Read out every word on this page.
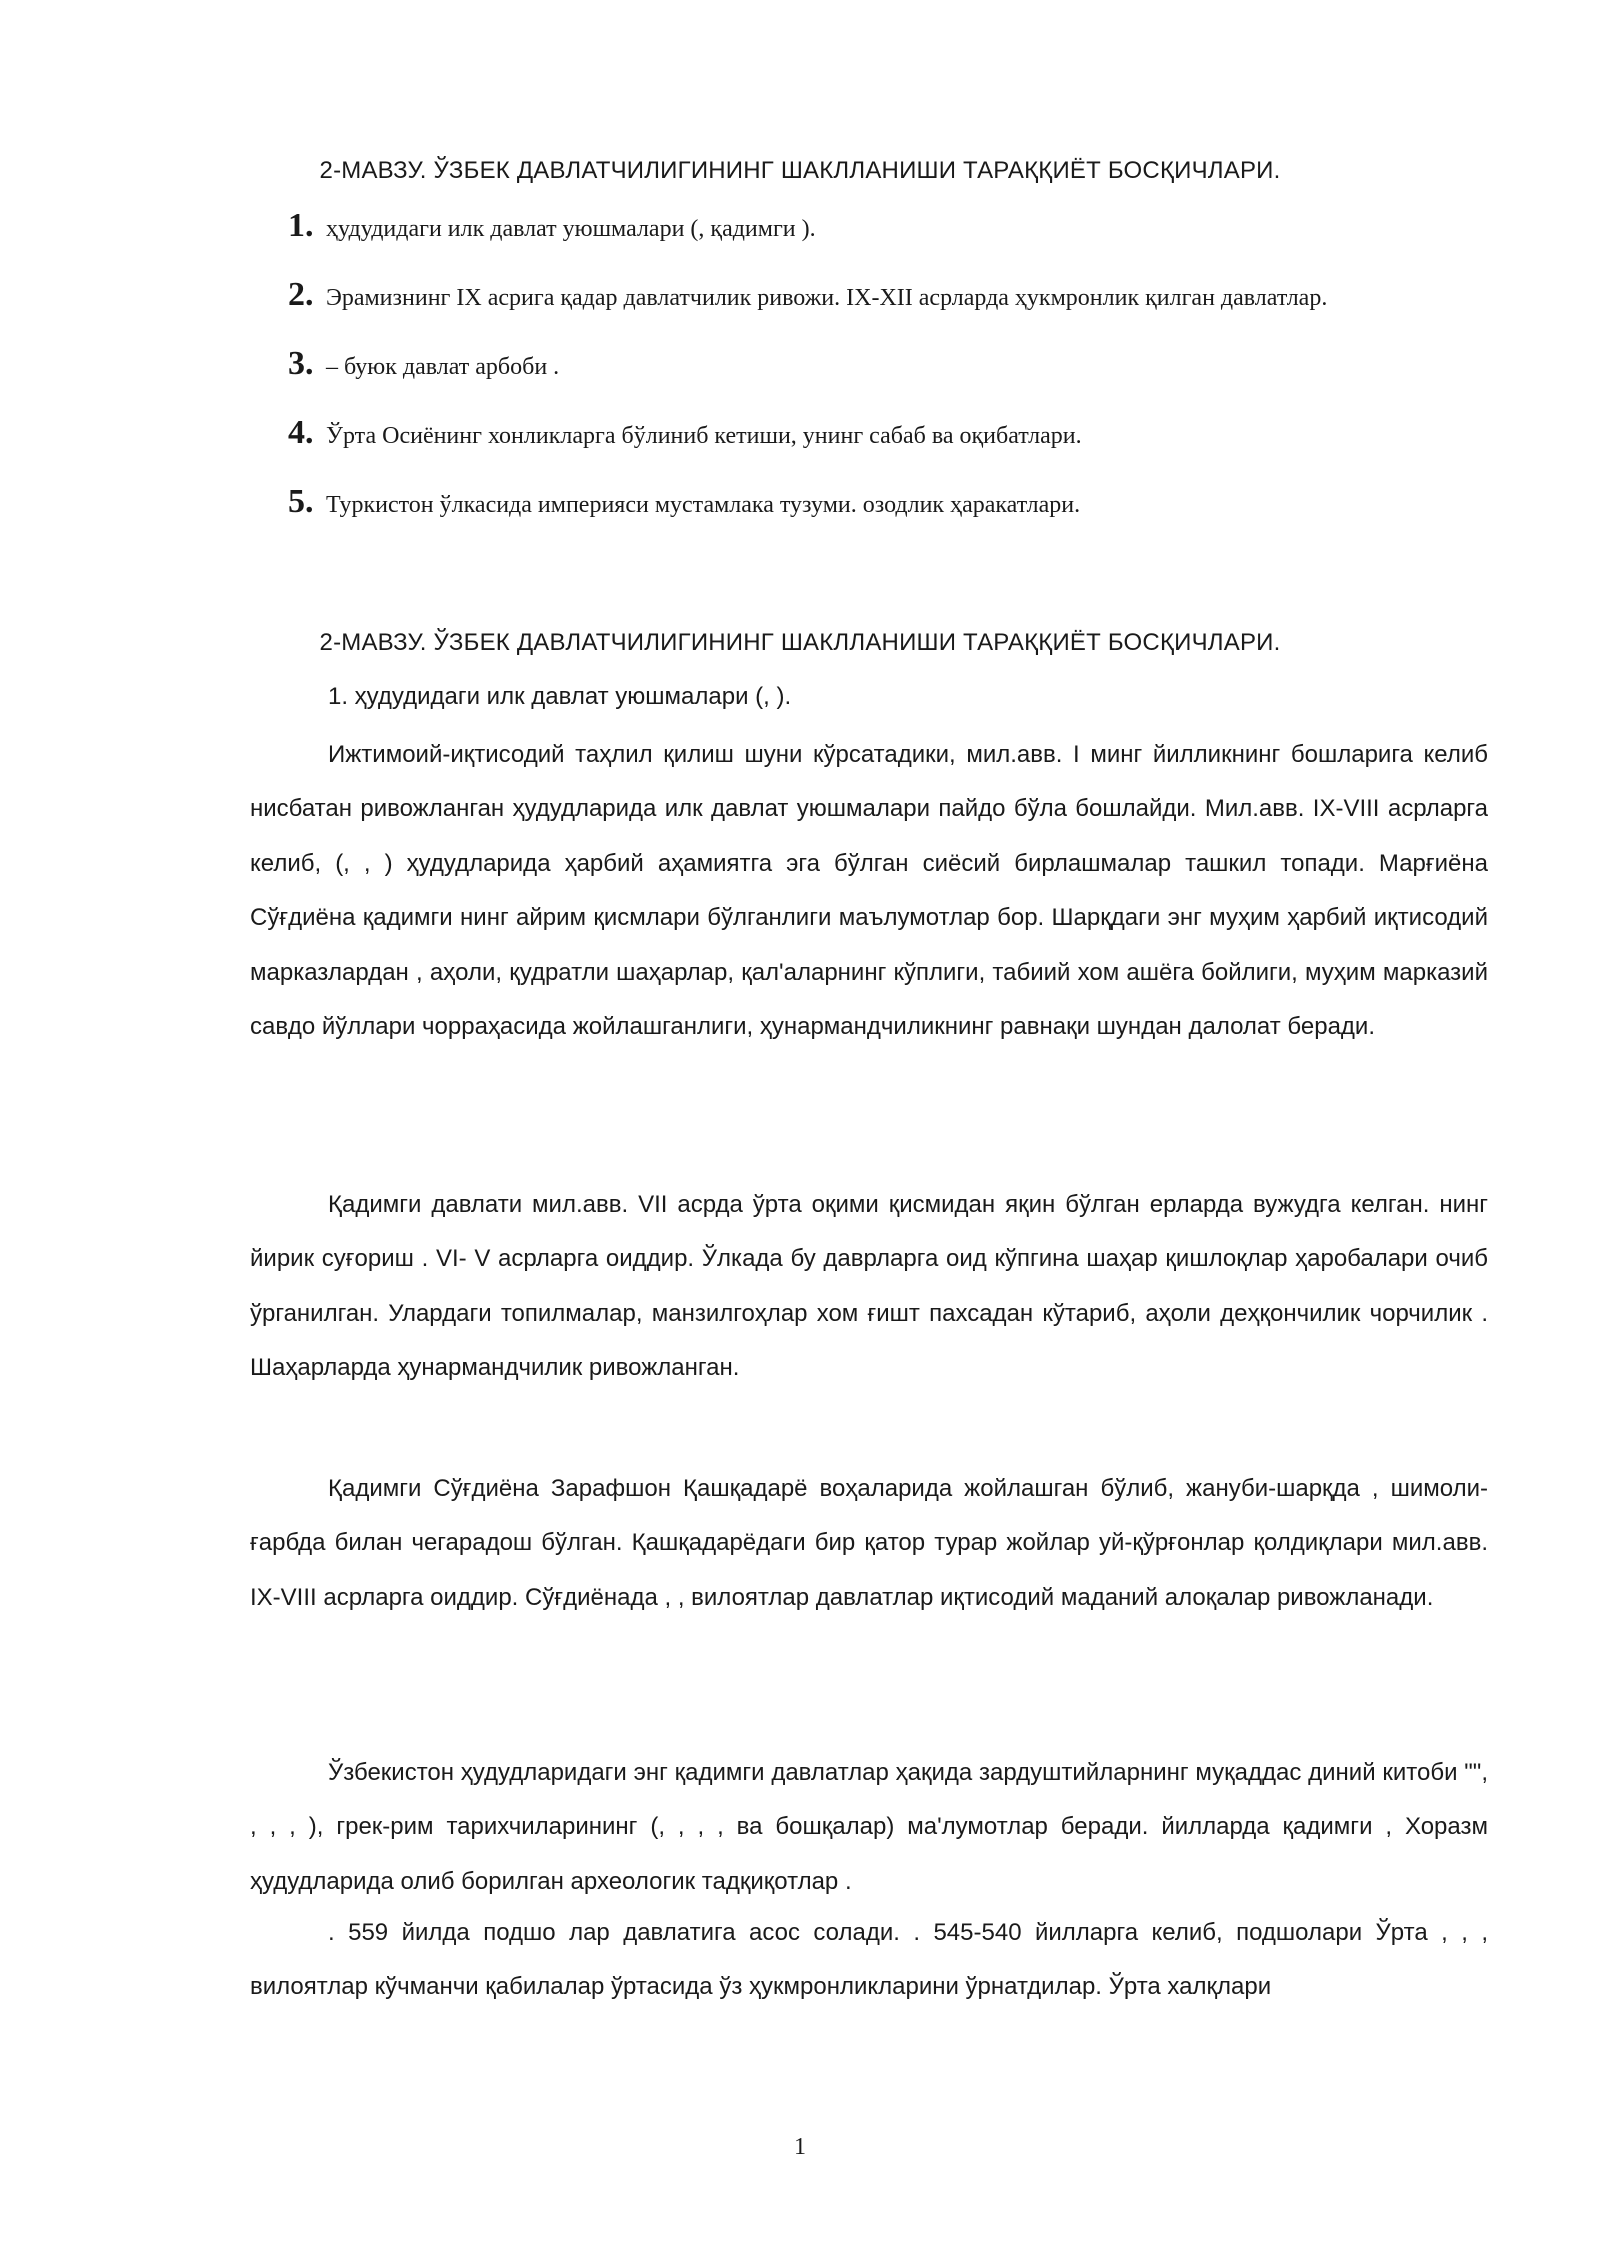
2-МАВЗУ. ЎЗБЕК ДАВЛАТЧИЛИГИНИНГ ШАКЛЛАНИШИ ТАРАҚҚИЁТ БОСҚИЧЛАРИ.
1. ҳудудидаги илк давлат уюшмалари (, қадимги ).
2. Эрамизнинг IX асрига қадар давлатчилик ривожи. IX-XII асрларда ҳукмронлик қилган давлатлар.
3. – буюк давлат арбоби .
4. Ўрта Осиёнинг хонликларга бўлиниб кетиши, унинг сабаб ва оқибатлари.
5. Туркистон ўлкасида империяси мустамлака тузуми. озодлик ҳаракатлари.
2-МАВЗУ. ЎЗБЕК ДАВЛАТЧИЛИГИНИНГ ШАКЛЛАНИШИ ТАРАҚҚИЁТ БОСҚИЧЛАРИ.
1. ҳудудидаги илк давлат уюшмалари (, ).

Ижтимоий-иқтисодий таҳлил қилиш шуни кўрсатадики, мил.авв. I минг йилликнинг бошларига келиб нисбатан ривожланган ҳудудларида илк давлат уюшмалари пайдо бўла бошлайди. Мил.авв. IX-VIII асрларга келиб, (, , ) ҳудудларида ҳарбий аҳамиятга эга бўлган сиёсий бирлашмалар ташкил топади. Марғиёна Сўғдиёна қадимги нинг айрим қисмлари бўлганлиги маълумотлар бор. Шарқдаги энг муҳим ҳарбий иқтисодий марказлардан , аҳоли, қудратли шаҳарлар, қал'аларнинг кўплиги, табиий хом ашёга бойлиги, муҳим марказий савдо йўллари чорраҳасида жойлашганлиги, ҳунармандчиликнинг равнақи шундан далолат беради.

Қадимги давлати мил.авв. VII асрда ўрта оқими қисмидан яқин бўлган ерларда вужудга келган. нинг йирик суғориш . VI- V асрларга оиддир. Ўлкада бу даврларга оид кўпгина шаҳар қишлоқлар ҳаробалари очиб ўрганилган. Улардаги топилмалар, манзилгоҳлар хом ғишт пахсадан кўтариб, аҳоли деҳқончилик чорчилик . Шаҳарларда ҳунармандчилик ривожланган.

Қадимги Сўғдиёна Зарафшон Қашқадарё воҳаларида жойлашган бўлиб, жануби-шарқда , шимоли-ғарбда билан чегарадош бўлган. Қашқадарёдаги бир қатор турар жойлар уй-қўрғонлар қолдиқлари мил.авв. IX-VIII асрларга оиддир. Сўғдиёнада , , вилоятлар давлатлар иқтисодий маданий алоқалар ривожланади.

Ўзбекистон ҳудудларидаги энг қадимги давлатлар ҳақида зардуштийларнинг муқаддас диний китоби "", , , , ), грек-рим тарихчиларининг (, , , , ва бошқалар) ма'лумотлар беради. йилларда қадимги , Хоразм ҳудудларида олиб борилган археологик тадқиқотлар .

. 559 йилда подшо лар давлатига асос солади. . 545-540 йилларга келиб, подшолари Ўрта , , , вилоятлар кўчманчи қабилалар ўртасида ўз ҳукмронликларини ўрнатдилар. Ўрта халқлари

1
